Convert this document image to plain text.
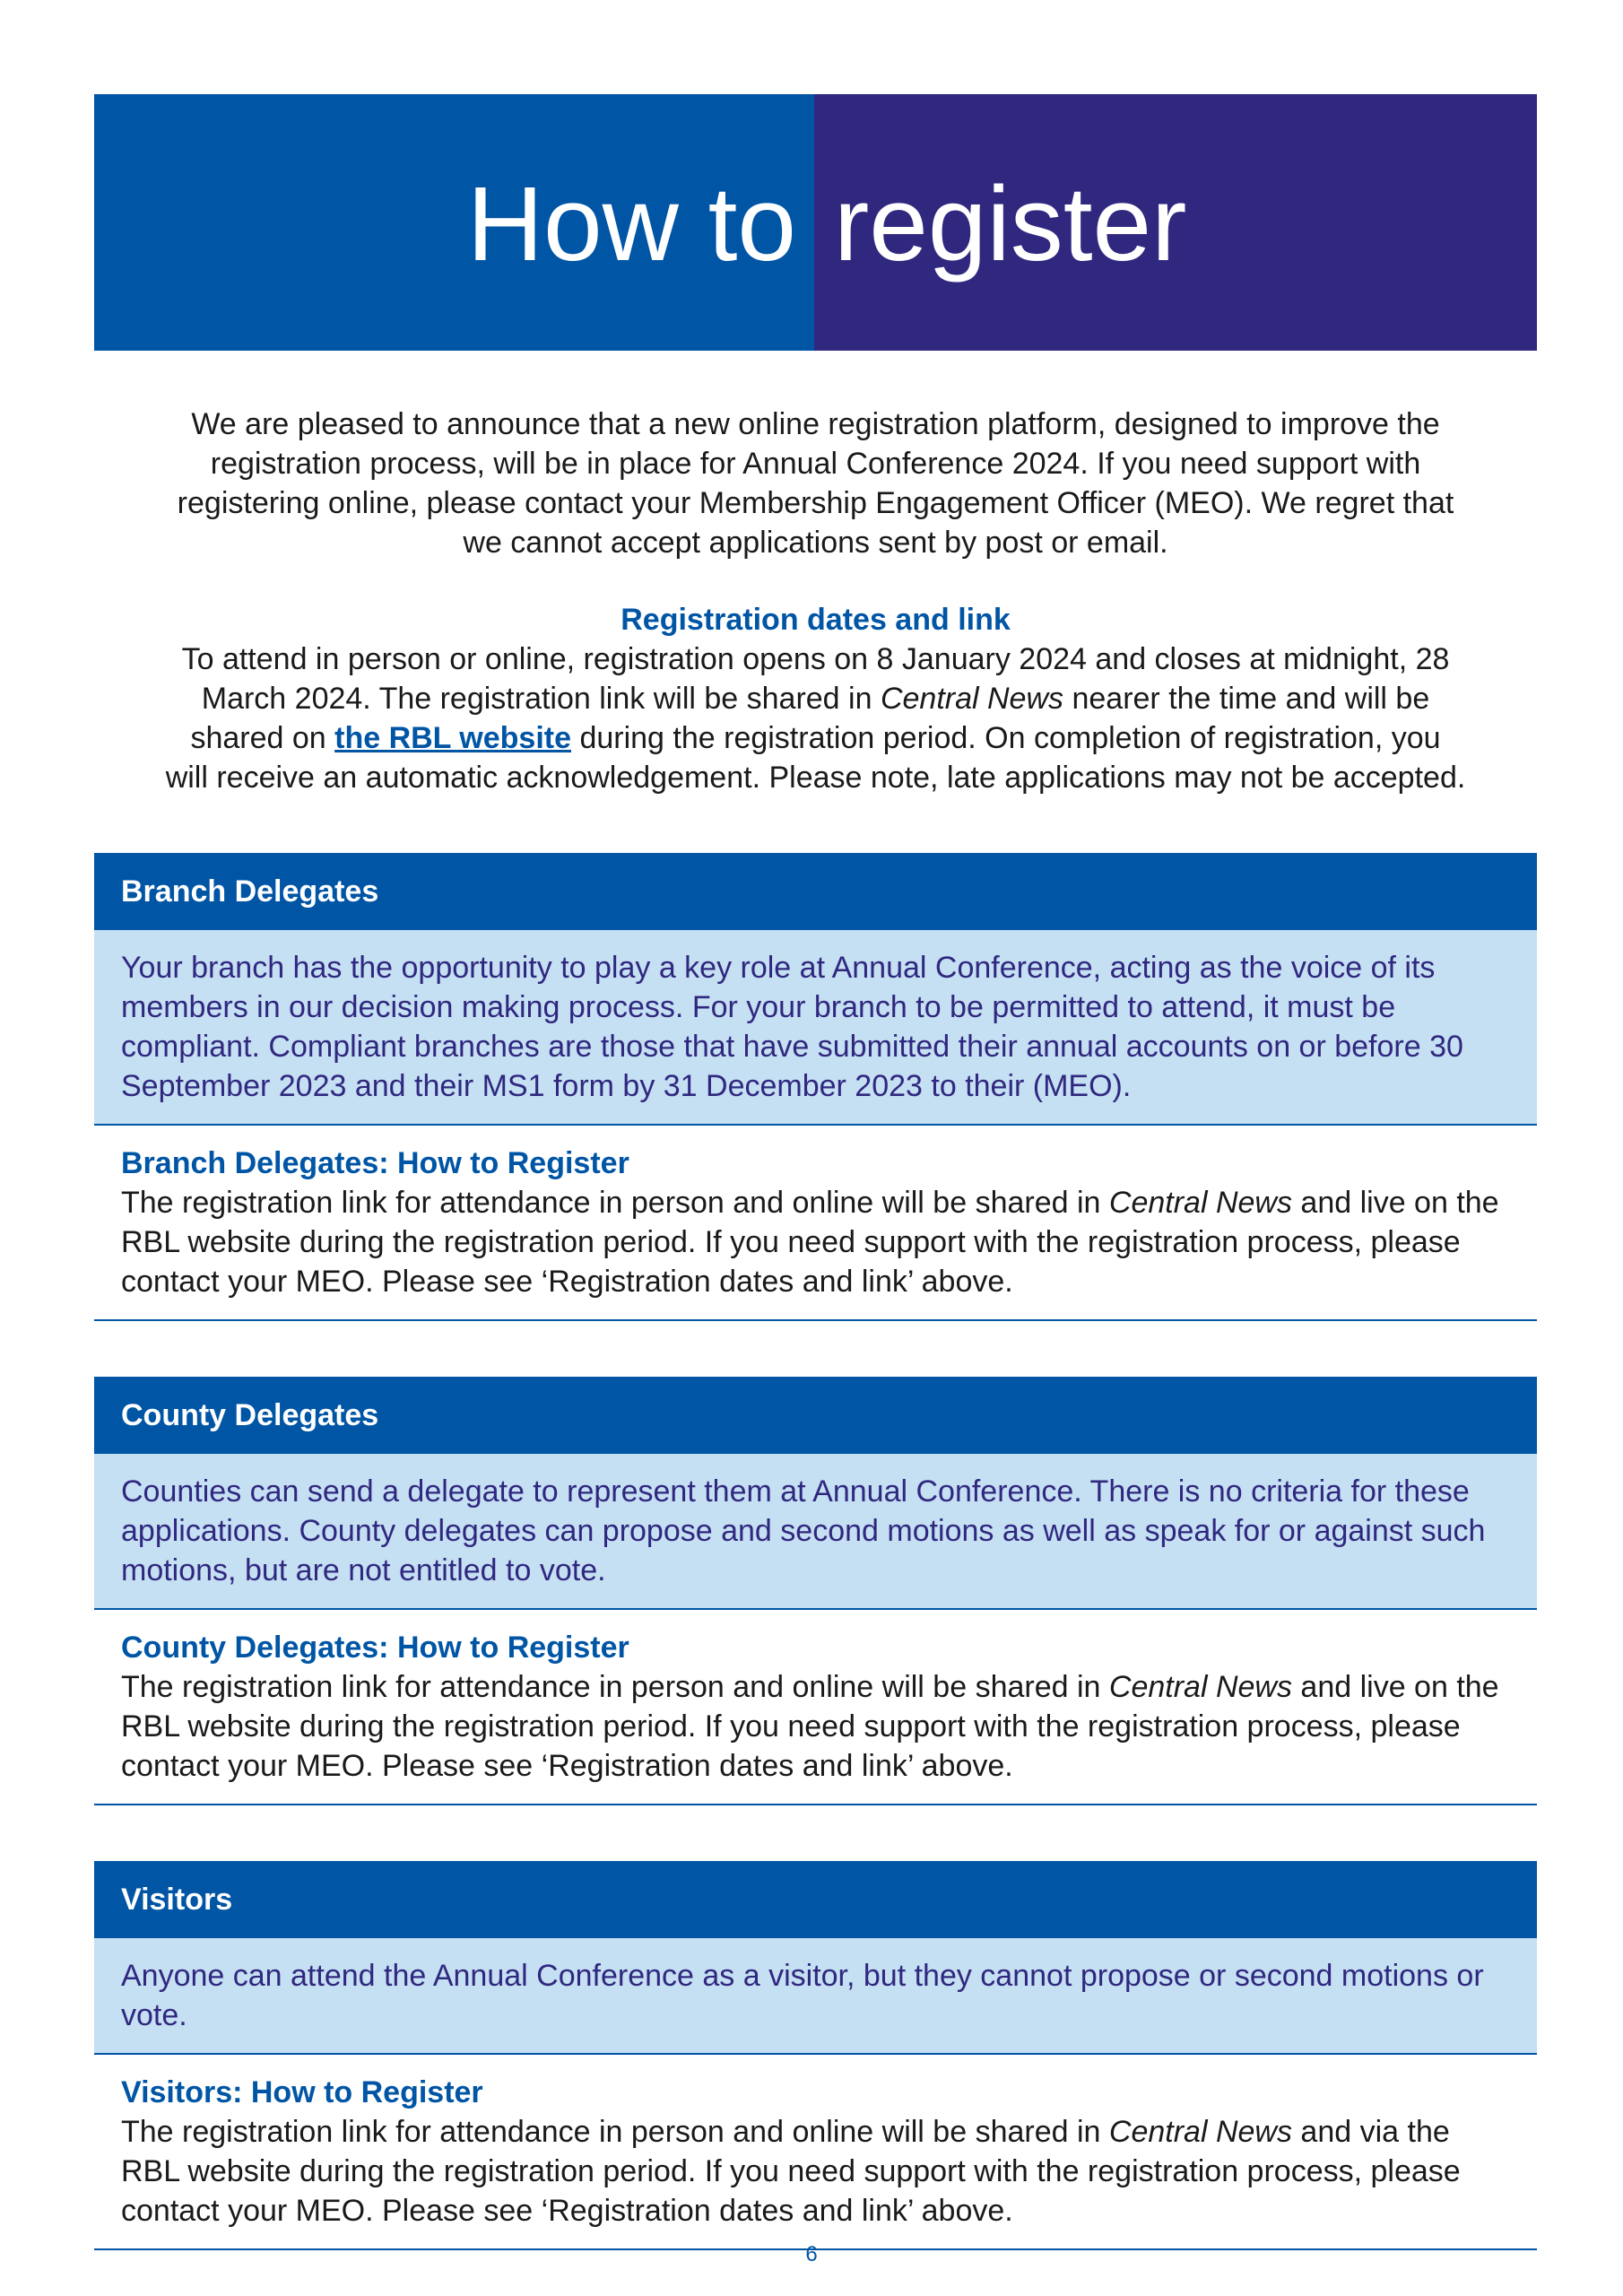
How to register

We are pleased to announce that a new online registration platform, designed to improve the registration process, will be in place for Annual Conference 2024. If you need support with registering online, please contact your Membership Engagement Officer (MEO). We regret that we cannot accept applications sent by post or email.

Registration dates and link

To attend in person or online, registration opens on 8 January 2024 and closes at midnight, 28 March 2024. The registration link will be shared in Central News nearer the time and will be shared on the RBL website during the registration period. On completion of registration, you will receive an automatic acknowledgement. Please note, late applications may not be accepted.

Branch Delegates
Your branch has the opportunity to play a key role at Annual Conference, acting as the voice of its members in our decision making process. For your branch to be permitted to attend, it must be compliant. Compliant branches are those that have submitted their annual accounts on or before 30 September 2023 and their MS1 form by 31 December 2023 to their (MEO).

Branch Delegates: How to Register

The registration link for attendance in person and online will be shared in Central News and live on the RBL website during the registration period. If you need support with the registration process, please contact your MEO. Please see ‘Registration dates and link’ above.

County Delegates
Counties can send a delegate to represent them at Annual Conference. There is no criteria for these applications. County delegates can propose and second motions as well as speak for or against such motions, but are not entitled to vote.

County Delegates: How to Register

The registration link for attendance in person and online will be shared in Central News and live on the RBL website during the registration period. If you need support with the registration process, please contact your MEO. Please see ‘Registration dates and link’ above.

Visitors
Anyone can attend the Annual Conference as a visitor, but they cannot propose or second motions or vote.

Visitors: How to Register

The registration link for attendance in person and online will be shared in Central News and via the RBL website during the registration period. If you need support with the registration process, please contact your MEO. Please see ‘Registration dates and link’ above.

6
